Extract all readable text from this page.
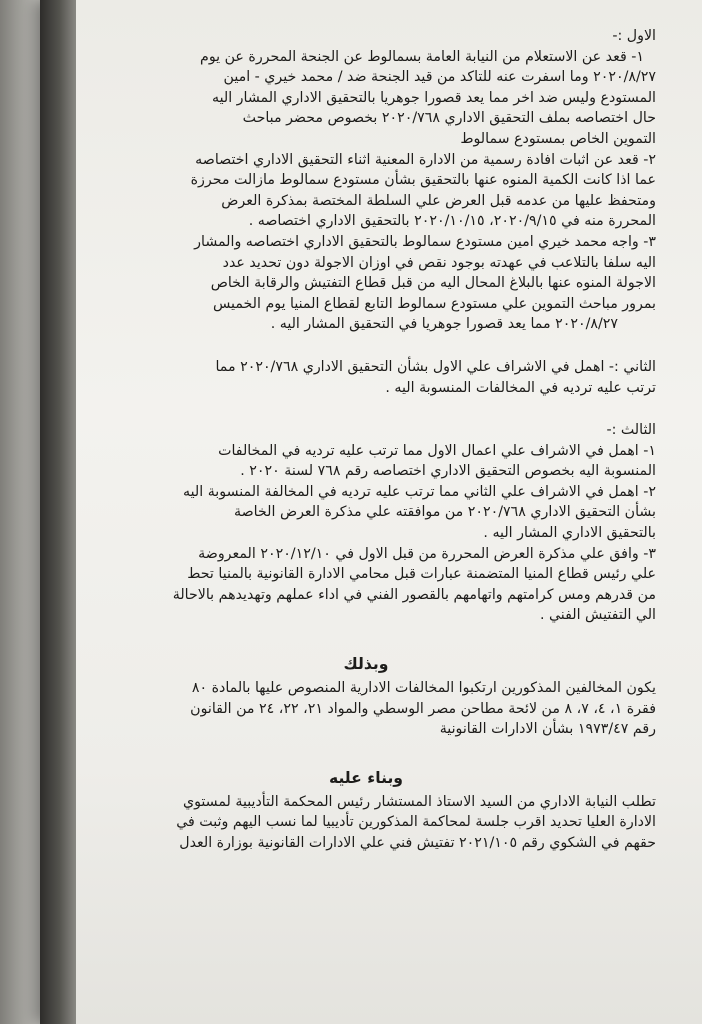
الاول :-
١- قعد عن الاستعلام من النيابة العامة بسمالوط عن الجنحة المحررة عن يوم
٢٠٢٠/٨/٢٧ وما اسفرت عنه للتاكد من قيد الجنحة ضد / محمد خيري - امين
المستودع وليس ضد اخر مما يعد قصورا جوهريا بالتحقيق الاداري المشار اليه
حال اختصاصه بملف التحقيق الاداري ٢٠٢٠/٧٦٨ بخصوص محضر مباحث
التموين الخاص بمستودع سمالوط
٢- قعد عن اثبات افادة رسمية من الادارة المعنية اثناء التحقيق الاداري اختصاصه
عما اذا كانت الكمية المنوه عنها بالتحقيق بشأن مستودع سمالوط مازالت محرزة
ومتحفظ عليها من عدمه قبل العرض علي السلطة المختصة بمذكرة العرض
المحررة منه في ٢٠٢٠/٩/١٥، ٢٠٢٠/١٠/١٥ بالتحقيق الاداري اختصاصه .
٣- واجه محمد خيري امين مستودع سمالوط بالتحقيق الاداري اختصاصه والمشار
اليه سلفا بالتلاعب في عهدته بوجود نقص في اوزان الاجولة دون تحديد عدد
الاجولة المنوه عنها بالبلاغ المحال اليه من قبل قطاع التفتيش والرقابة الخاص
بمرور مباحث التموين علي مستودع سمالوط التابع لقطاع المنيا يوم الخميس
٢٠٢٠/٨/٢٧ مما يعد قصورا جوهريا في التحقيق المشار اليه .
الثاني :- اهمل في الاشراف علي الاول بشأن التحقيق الاداري ٢٠٢٠/٧٦٨ مما
ترتب عليه ترديه في المخالفات المنسوبة اليه .
الثالث :-
١- اهمل في الاشراف علي اعمال الاول مما ترتب عليه ترديه في المخالفات
المنسوبة اليه بخصوص التحقيق الاداري اختصاصه رقم ٧٦٨ لسنة ٢٠٢٠ .
٢- اهمل في الاشراف علي الثاني مما ترتب عليه ترديه في المخالفة المنسوبة اليه
بشأن التحقيق الاداري ٢٠٢٠/٧٦٨ من موافقته علي مذكرة العرض الخاصة
بالتحقيق الاداري المشار اليه .
٣- وافق علي مذكرة العرض المحررة من قبل الاول في ٢٠٢٠/١٢/١٠ المعروضة
علي رئيس قطاع المنيا المتضمنة عبارات قبل محامي الادارة القانونية بالمنيا تحط
من قدرهم ومس كرامتهم واتهامهم بالقصور الفني في اداء عملهم وتهديدهم بالاحالة
الي التفتيش الفني .
وبذلك
يكون المخالفين المذكورين ارتكبوا المخالفات الادارية المنصوص عليها بالمادة ٨٠
فقرة ١، ٤، ٧، ٨ من لائحة مطاحن مصر الوسطي والمواد ٢١، ٢٢، ٢٤ من القانون
رقم ١٩٧٣/٤٧ بشأن الادارات القانونية
وبناء عليه
تطلب النيابة الاداري من السيد الاستاذ المستشار رئيس المحكمة التأديبية لمستوي
الادارة العليا تحديد اقرب جلسة لمحاكمة المذكورين تأديبيا لما نسب اليهم وثبت في
حقهم في الشكوي رقم ٢٠٢١/١٠٥ تفتيش فني علي الادارات القانونية بوزارة العدل
